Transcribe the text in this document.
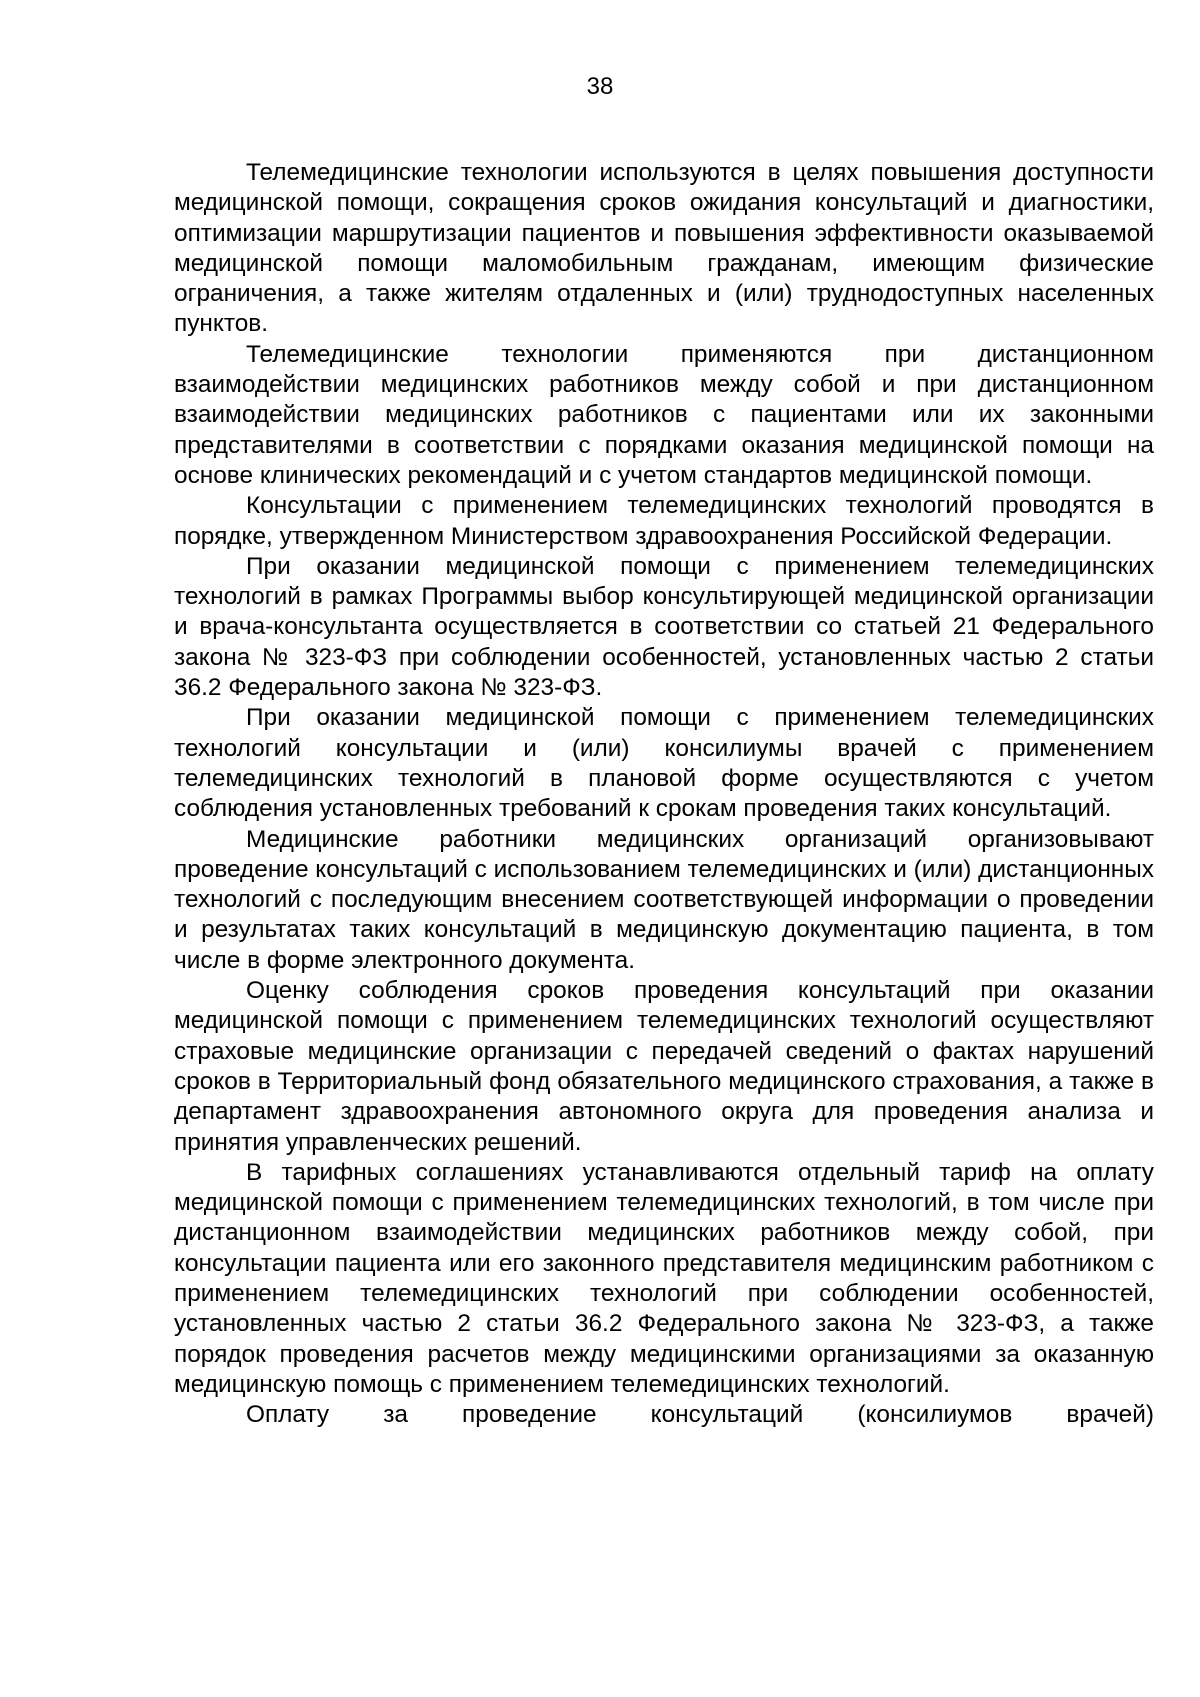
38

Телемедицинские технологии используются в целях повышения доступности медицинской помощи, сокращения сроков ожидания консультаций и диагностики, оптимизации маршрутизации пациентов и повышения эффективности оказываемой медицинской помощи маломобильным гражданам, имеющим физические ограничения, а также жителям отдаленных и (или) труднодоступных населенных пунктов.

Телемедицинские технологии применяются при дистанционном взаимодействии медицинских работников между собой и при дистанционном взаимодействии медицинских работников с пациентами или их законными представителями в соответствии с порядками оказания медицинской помощи на основе клинических рекомендаций и с учетом стандартов медицинской помощи.

Консультации с применением телемедицинских технологий проводятся в порядке, утвержденном Министерством здравоохранения Российской Федерации.

При оказании медицинской помощи с применением телемедицинских технологий в рамках Программы выбор консультирующей медицинской организации и врача-консультанта осуществляется в соответствии со статьей 21 Федерального закона № 323-ФЗ при соблюдении особенностей, установленных частью 2 статьи 36.2 Федерального закона № 323-ФЗ.

При оказании медицинской помощи с применением телемедицинских технологий консультации и (или) консилиумы врачей с применением телемедицинских технологий в плановой форме осуществляются с учетом соблюдения установленных требований к срокам проведения таких консультаций.

Медицинские работники медицинских организаций организовывают проведение консультаций с использованием телемедицинских и (или) дистанционных технологий с последующим внесением соответствующей информации о проведении и результатах таких консультаций в медицинскую документацию пациента, в том числе в форме электронного документа.

Оценку соблюдения сроков проведения консультаций при оказании медицинской помощи с применением телемедицинских технологий осуществляют страховые медицинские организации с передачей сведений о фактах нарушений сроков в Территориальный фонд обязательного медицинского страхования, а также в департамент здравоохранения автономного округа для проведения анализа и принятия управленческих решений.

В тарифных соглашениях устанавливаются отдельный тариф на оплату медицинской помощи с применением телемедицинских технологий, в том числе при дистанционном взаимодействии медицинских работников между собой, при консультации пациента или его законного представителя медицинским работником с применением телемедицинских технологий при соблюдении особенностей, установленных частью 2 статьи 36.2 Федерального закона № 323-ФЗ, а также порядок проведения расчетов между медицинскими организациями за оказанную медицинскую помощь с применением телемедицинских технологий.

Оплату за проведение консультаций (консилиумов врачей)
